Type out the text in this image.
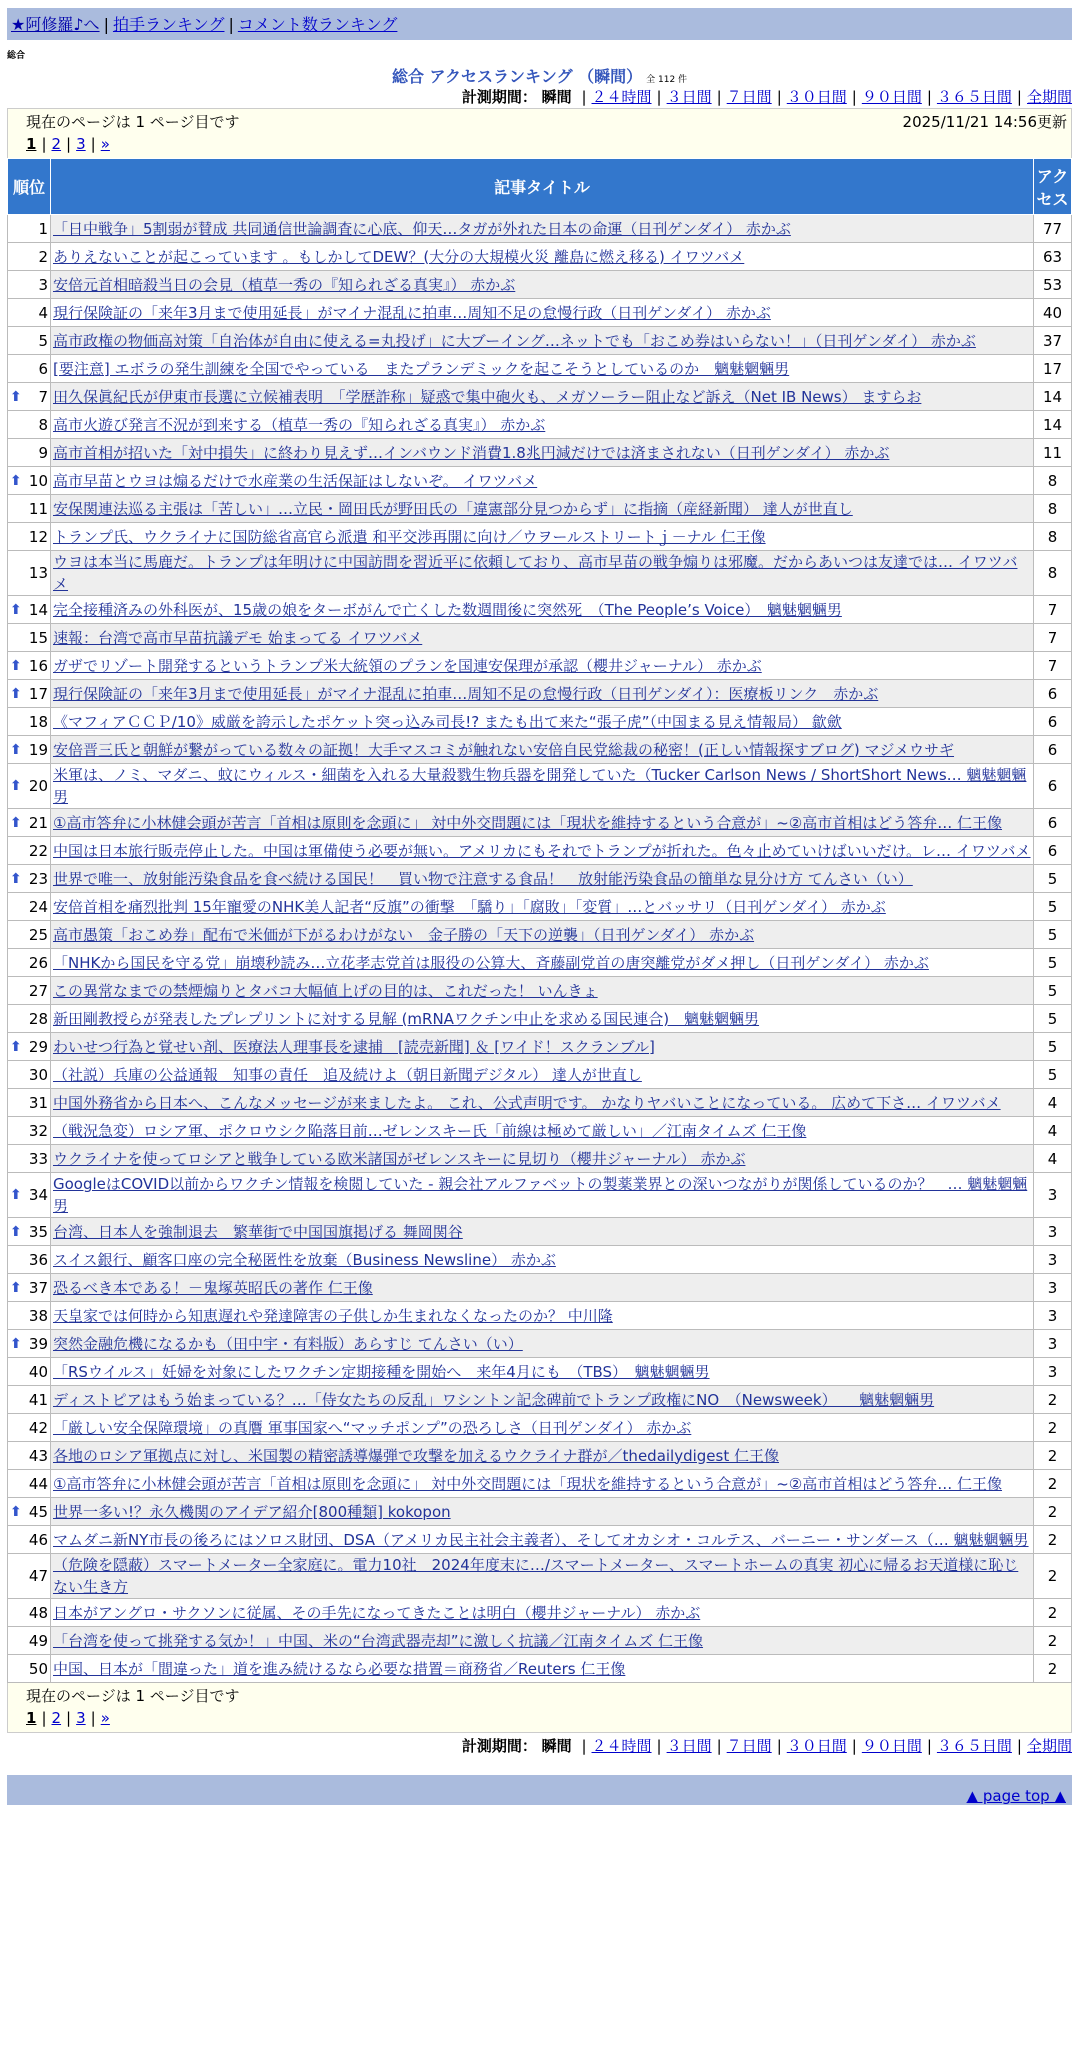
★阿修羅♪へ | 拍手ランキング | コメント数ランキング
総合
総合 アクセスランキング （瞬間） 全 112 件
計測期間： 瞬間 | ２４時間 | ３日間 | ７日間 | ３０日間 | ９０日間 | ３６５日間 | 全期間
現在のページは 1 ページ目です	2025/11/21 14:56更新
1 | 2 | 3 | »
順位	記事タイトル	アクセス
1	「日中戦争」5割弱が賛成 共同通信世論調査に心底、仰天…タガが外れた日本の命運（日刊ゲンダイ） 赤かぶ	77
2	ありえないことが起こっています 。もしかしてDEW？(大分の大規模火災 離島に燃え移る) イワツバメ	63
3	安倍元首相暗殺当日の会見（植草一秀の『知られざる真実』） 赤かぶ	53
4	現行保険証の「来年3月まで使用延長」がマイナ混乱に拍車…周知不足の怠慢行政（日刊ゲンダイ） 赤かぶ	40
5	高市政権の物価高対策「自治体が自由に使える=丸投げ」に大ブーイング…ネットでも「おこめ券はいらない！」（日刊ゲンダイ） 赤かぶ	37
6	[要注意] エボラの発生訓練を全国でやっている　またプランデミックを起こそうとしているのか　魑魅魍魎男	17

⬆ 7	田久保眞紀氏が伊東市長選に立候補表明　「学歴詐称」疑惑で集中砲火も、メガソーラー阻止など訴え（Net IB News） ますらお	14
8	高市火遊び発言不況が到来する（植草一秀の『知られざる真実』） 赤かぶ	14
9	高市首相が招いた「対中損失」に終わり見えず…インバウンド消費1.8兆円減だけでは済まされない（日刊ゲンダイ） 赤かぶ	11

⬆ 10	高市早苗とウヨは煽るだけで水産業の生活保証はしないぞ。 イワツバメ	8
11	安保関連法巡る主張は「苦しい」…立民・岡田氏が野田氏の「違憲部分見つからず」に指摘（産経新聞） 達人が世直し	8
12	トランプ氏、ウクライナに国防総省高官ら派遣 和平交渉再開に向け／ウヲールストリートｊ－ナル 仁王像	8
13	ウヨは本当に馬鹿だ。トランプは年明けに中国訪問を習近平に依頼しており、高市早苗の戦争煽りは邪魔。だからあいつは友達では… イワツバメ	8

⬆ 14	完全接種済みの外科医が、15歳の娘をターボがんで亡くした数週間後に突然死　（The People’s Voice）　魑魅魍魎男	7
15	速報：台湾で高市早苗抗議デモ 始まってる イワツバメ	7

⬆ 16	ガザでリゾート開発するというトランプ米大統領のプランを国連安保理が承認（櫻井ジャーナル） 赤かぶ	7

⬆ 17	現行保険証の「来年3月まで使用延長」がマイナ混乱に拍車…周知不足の怠慢行政（日刊ゲンダイ）：医療板リンク　赤かぶ	6
18	《マフィアＣＣＰ/10》威厳を誇示したポケット突っ込み司長!? またも出て来た“張子虎”（中国まる見え情報局） 歙歛	6

⬆ 19	安倍晋三氏と朝鮮が繋がっている数々の証拠！大手マスコミが触れない安倍自民党総裁の秘密！(正しい情報探すブログ) マジメウサギ	6

⬆ 20	米軍は、ノミ、マダニ、蚊にウィルス・細菌を入れる大量殺戮生物兵器を開発していた（Tucker Carlson News / ShortShort News… 魑魅魍魎男	6

⬆ 21	①高市答弁に小林健会頭が苦言「首相は原則を念頭に」 対中外交問題には「現状を維持するという合意が」~②高市首相はどう答弁… 仁王像	6
22	中国は日本旅行販売停止した。中国は軍備使う必要が無い。アメリカにもそれでトランプが折れた。色々止めていけばいいだけ。レ… イワツバメ	6

⬆ 23	世界で唯一、放射能汚染食品を食べ続ける国民！　買い物で注意する食品！　放射能汚染食品の簡単な見分け方 てんさい（い）	5
24	安倍首相を痛烈批判 15年寵愛のNHK美人記者“反旗”の衝撃　「驕り」「腐敗」「変質」…とバッサリ（日刊ゲンダイ） 赤かぶ	5
25	高市愚策「おこめ券」配布で米価が下がるわけがない　金子勝の「天下の逆襲」（日刊ゲンダイ） 赤かぶ	5
26	「NHKから国民を守る党」崩壊秒読み…立花孝志党首は服役の公算大、斉藤副党首の唐突離党がダメ押し（日刊ゲンダイ） 赤かぶ	5
27	この異常なまでの禁煙煽りとタバコ大幅値上げの目的は、これだった！ いんきょ	5
28	新田剛教授らが発表したプレプリントに対する見解 (mRNAワクチン中止を求める国民連合)　魑魅魍魎男	5

⬆ 29	わいせつ行為と覚せい剤、医療法人理事長を逮捕　[読売新聞] ＆ [ワイド！スクランブル]	5
30	（社説）兵庫の公益通報　知事の責任　追及続けよ（朝日新聞デジタル） 達人が世直し	5
31	中国外務省から日本へ、こんなメッセージが来ましたよ。 これ、公式声明です。 かなりヤバいことになっている。 広めて下さ… イワツバメ	4
32	（戦況急変）ロシア軍、ポクロウシク陥落目前…ゼレンスキー氏「前線は極めて厳しい」／江南タイムズ 仁王像	4
33	ウクライナを使ってロシアと戦争している欧米諸国がゼレンスキーに見切り（櫻井ジャーナル） 赤かぶ	4

⬆ 34	GoogleはCOVID以前からワクチン情報を検閲していた - 親会社アルファベットの製薬業界との深いつながりが関係しているのか？　… 魑魅魍魎男	3

⬆ 35	台湾、日本人を強制退去　繁華街で中国国旗掲げる 舞岡関谷	3
36	スイス銀行、顧客口座の完全秘匿性を放棄（Business Newsline） 赤かぶ	3

⬆ 37	恐るべき本である！－鬼塚英昭氏の著作 仁王像	3
38	天皇家では何時から知恵遅れや発達障害の子供しか生まれなくなったのか？ 中川隆	3

⬆ 39	突然金融危機になるかも（田中宇・有料版）あらすじ てんさい（い）	3
40	「RSウイルス」妊婦を対象にしたワクチン定期接種を開始へ　来年4月にも　（TBS）　魑魅魍魎男	3
41	ディストピアはもう始まっている？…「侍女たちの反乱」ワシントン記念碑前でトランプ政権にNO　（Newsweek）　　魑魅魍魎男	2
42	「厳しい安全保障環境」の真贋 軍事国家へ“マッチポンプ”の恐ろしさ（日刊ゲンダイ） 赤かぶ	2
43	各地のロシア軍拠点に対し、米国製の精密誘導爆弾で攻撃を加えるウクライナ群が／thedailydigest 仁王像	2
44	①高市答弁に小林健会頭が苦言「首相は原則を念頭に」 対中外交問題には「現状を維持するという合意が」~②高市首相はどう答弁… 仁王像	2

⬆ 45	世界一多い!？永久機関のアイデア紹介[800種類] kokopon	2
46	マムダニ新NY市長の後ろにはソロス財団、DSA（アメリカ民主社会主義者）、そしてオカシオ・コルテス、バーニー・サンダース（… 魑魅魍魎男	2
47	（危険を隠蔽）スマートメーター全家庭に。電力10社　2024年度末に…/スマートメーター、スマートホームの真実 初心に帰るお天道様に恥じない生き方	2
48	日本がアングロ・サクソンに従属、その手先になってきたことは明白（櫻井ジャーナル） 赤かぶ	2
49	「台湾を使って挑発する気か！」中国、米の“台湾武器売却”に激しく抗議／江南タイムズ 仁王像	2
50	中国、日本が「間違った」道を進み続けるなら必要な措置＝商務省／Reuters 仁王像	2
現在のページは 1 ページ目です
1 | 2 | 3 | »
計測期間： 瞬間 | ２４時間 | ３日間 | ７日間 | ３０日間 | ９０日間 | ３６５日間 | 全期間
▲ page top ▲
